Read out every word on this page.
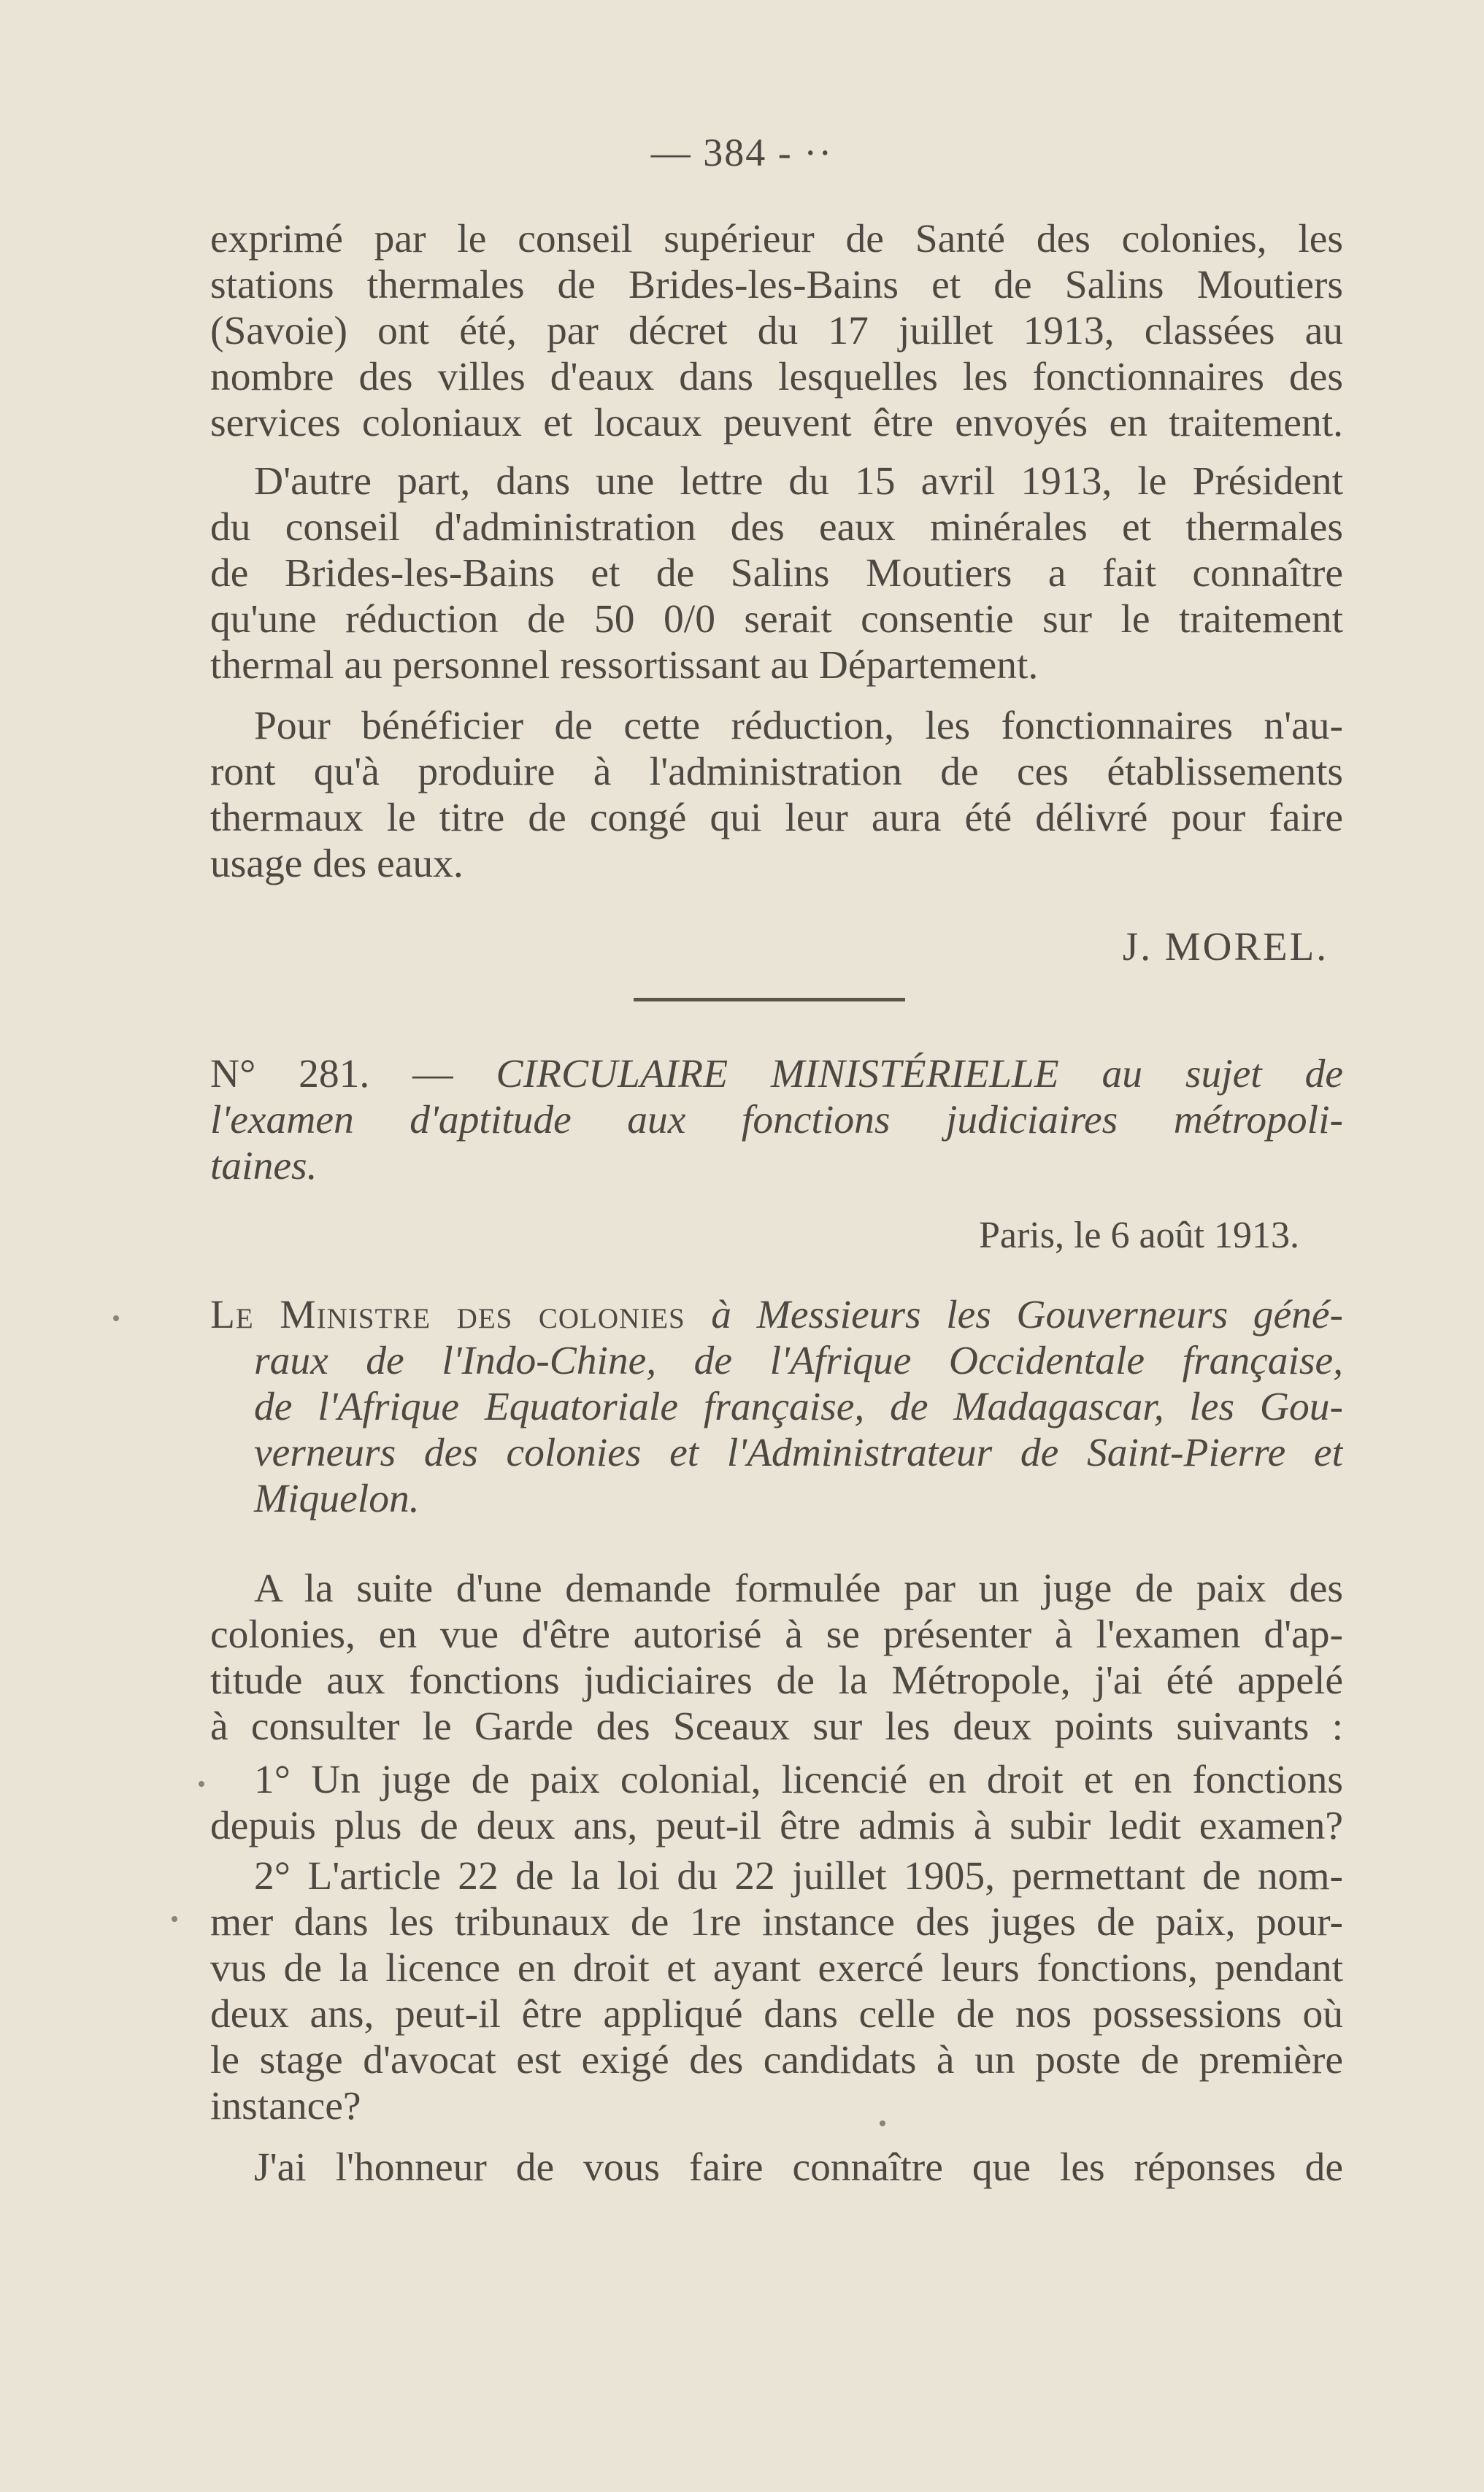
— 384 - ··
exprimé par le conseil supérieur de Santé des colonies, les
stations thermales de Brides-les-Bains et de Salins Moutiers
(Savoie) ont été, par décret du 17 juillet 1913, classées au
nombre des villes d'eaux dans lesquelles les fonctionnaires des
services coloniaux et locaux peuvent être envoyés en traitement.
D'autre part, dans une lettre du 15 avril 1913, le Président
du conseil d'administration des eaux minérales et thermales
de Brides-les-Bains et de Salins Moutiers a fait connaître
qu'une réduction de 50 0/0 serait consentie sur le traitement
thermal au personnel ressortissant au Département.
Pour bénéficier de cette réduction, les fonctionnaires n'au-
ront qu'à produire à l'administration de ces établissements
thermaux le titre de congé qui leur aura été délivré pour faire
usage des eaux.
J. MOREL.
N° 281. — CIRCULAIRE MINISTÉRIELLE au sujet de
l'examen d'aptitude aux fonctions judiciaires métropoli-
taines.
Paris, le 6 août 1913.
Le Ministre des colonies à Messieurs les Gouverneurs géné-
raux de l'Indo-Chine, de l'Afrique Occidentale française,
de l'Afrique Equatoriale française, de Madagascar, les Gou-
verneurs des colonies et l'Administrateur de Saint-Pierre et
Miquelon.
A la suite d'une demande formulée par un juge de paix des
colonies, en vue d'être autorisé à se présenter à l'examen d'ap-
titude aux fonctions judiciaires de la Métropole, j'ai été appelé
à consulter le Garde des Sceaux sur les deux points suivants :
1° Un juge de paix colonial, licencié en droit et en fonctions
depuis plus de deux ans, peut-il être admis à subir ledit examen?
2° L'article 22 de la loi du 22 juillet 1905, permettant de nom-
mer dans les tribunaux de 1re instance des juges de paix, pour-
vus de la licence en droit et ayant exercé leurs fonctions, pendant
deux ans, peut-il être appliqué dans celle de nos possessions où
le stage d'avocat est exigé des candidats à un poste de première
instance?
J'ai l'honneur de vous faire connaître que les réponses de
